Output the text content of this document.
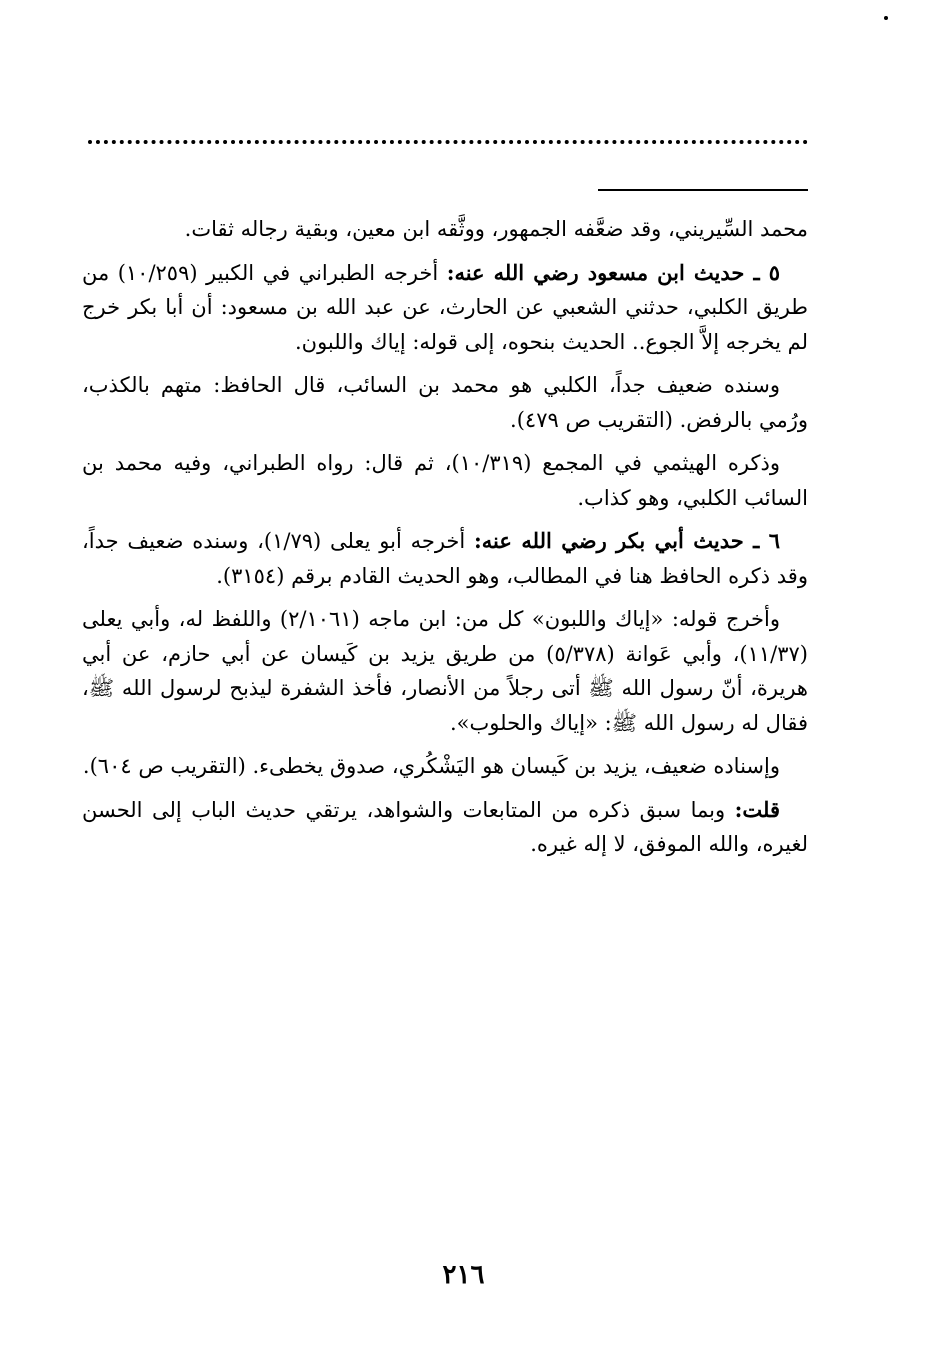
محمد السِّيريني، وقد ضعَّفه الجمهور، ووثَّقه ابن معين، وبقية رجاله ثقات.

٥ ـ حديث ابن مسعود رضي الله عنه: أخرجه الطبراني في الكبير (١٠/٢٥٩) من طريق الكلبي، حدثني الشعبي عن الحارث، عن عبد الله بن مسعود: أن أبا بكر خرج لم يخرجه إلاَّ الجوع.. الحديث بنحوه، إلى قوله: إياك واللبون.

وسنده ضعيف جداً، الكلبي هو محمد بن السائب، قال الحافظ: متهم بالكذب، ورُمي بالرفض. (التقريب ص ٤٧٩).

وذكره الهيثمي في المجمع (١٠/٣١٩)، ثم قال: رواه الطبراني، وفيه محمد بن السائب الكلبي، وهو كذاب.

٦ ـ حديث أبي بكر رضي الله عنه: أخرجه أبو يعلى (١/٧٩)، وسنده ضعيف جداً، وقد ذكره الحافظ هنا في المطالب، وهو الحديث القادم برقم (٣١٥٤).

وأخرج قوله: «إياك واللبون» كل من: ابن ماجه (٢/١٠٦١) واللفظ له، وأبي يعلى (١١/٣٧)، وأبي عَوانة (٥/٣٧٨) من طريق يزيد بن كَيسان عن أبي حازم، عن أبي هريرة، أنّ رسول الله ﷺ أتى رجلاً من الأنصار، فأخذ الشفرة ليذبح لرسول الله ﷺ، فقال له رسول الله ﷺ: «إياك والحلوب».

وإسناده ضعيف، يزيد بن كَيسان هو اليَشْكُري، صدوق يخطىء. (التقريب ص ٦٠٤).

قلت: وبما سبق ذكره من المتابعات والشواهد، يرتقي حديث الباب إلى الحسن لغيره، والله الموفق، لا إله غيره.

٢١٦
